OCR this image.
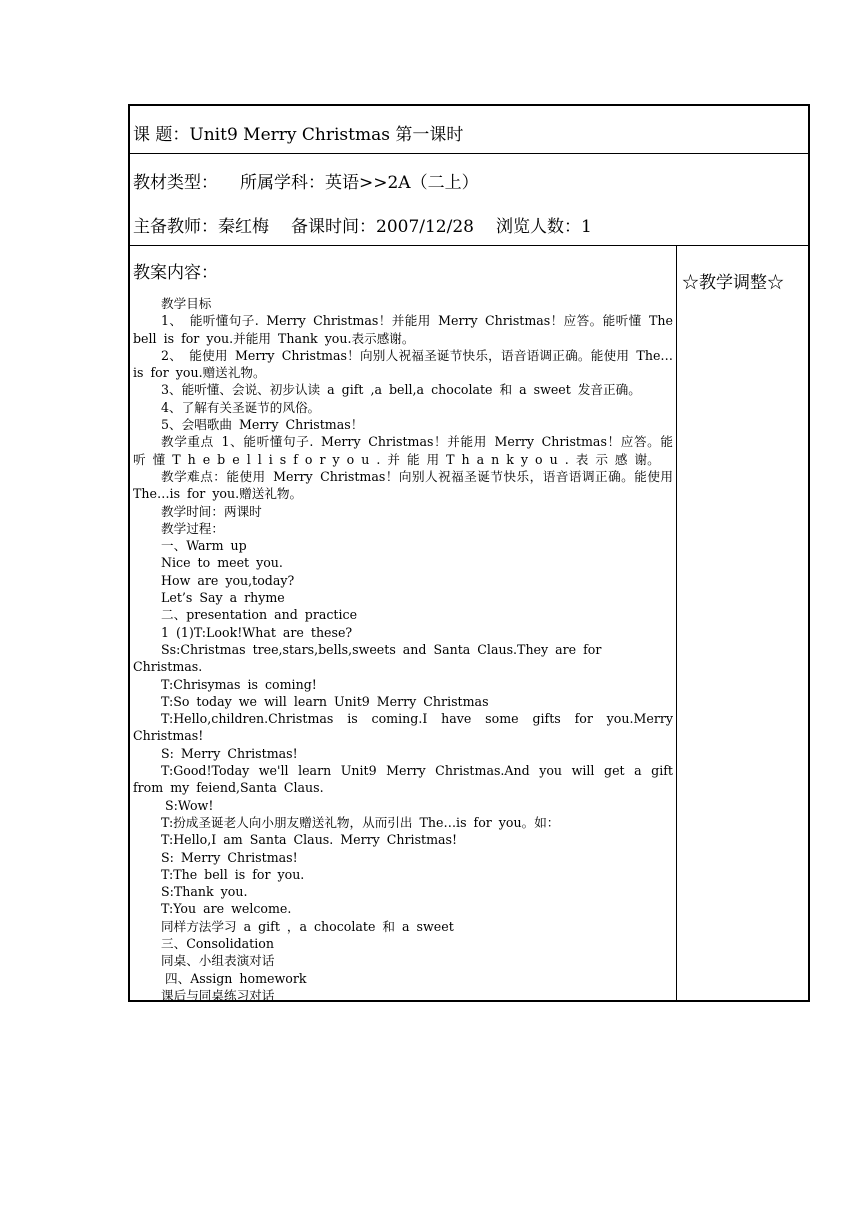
课 题：Unit9 Merry Christmas 第一课时
教材类型： 所属学科：英语>>2A（二上）
主备教师：秦红梅 备课时间：2007/12/28 浏览人数：1
教案内容：

教学目标

1、 能听懂句子. Merry Christmas！并能用 Merry Christmas！应答。能听懂 The bell is for you.并能用 Thank you.表示感谢。

2、 能使用 Merry Christmas！向别人祝福圣诞节快乐，语音语调正确。能使用 The…is for you.赠送礼物。

3、能听懂、会说、初步认读 a gift ,a bell,a chocolate 和 a sweet 发音正确。

4、了解有关圣诞节的风俗。

5、会唱歌曲 Merry Christmas！

教学重点 1、能听懂句子. Merry Christmas！并能用 Merry Christmas！应答。能 听 懂 T h e b e l l i s f o r y o u . 并 能 用 T h a n k y o u . 表 示 感 谢。

教学难点：能使用 Merry Christmas！向别人祝福圣诞节快乐，语音语调正确。能使用 The…is for you.赠送礼物。

教学时间：两课时

教学过程：

一、Warm up

Nice to meet you.

How are you,today?

Let’s Say a rhyme

二、presentation and practice

1 (1)T:Look!What are these?

Ss:Christmas tree,stars,bells,sweets and Santa Claus.They are for Christmas.

T:Chrisymas is coming!

T:So today we will learn Unit9 Merry Christmas

T:Hello,children.Christmas is coming.I have some gifts for you.Merry Christmas!

S: Merry Christmas!

T:Good!Today we'll learn Unit9 Merry Christmas.And you will get a gift from my feiend,Santa Claus.

S:Wow!

T:扮成圣诞老人向小朋友赠送礼物，从而引出 The…is for you。如：

T:Hello,I am Santa Claus. Merry Christmas!

S: Merry Christmas!

T:The bell is for you.

S:Thank you.

T:You are welcome.

同样方法学习 a gift ，a chocolate 和 a sweet

三、Consolidation

同桌、小组表演对话

四、Assign homework

课后与同桌练习对话

☆教学调整☆
